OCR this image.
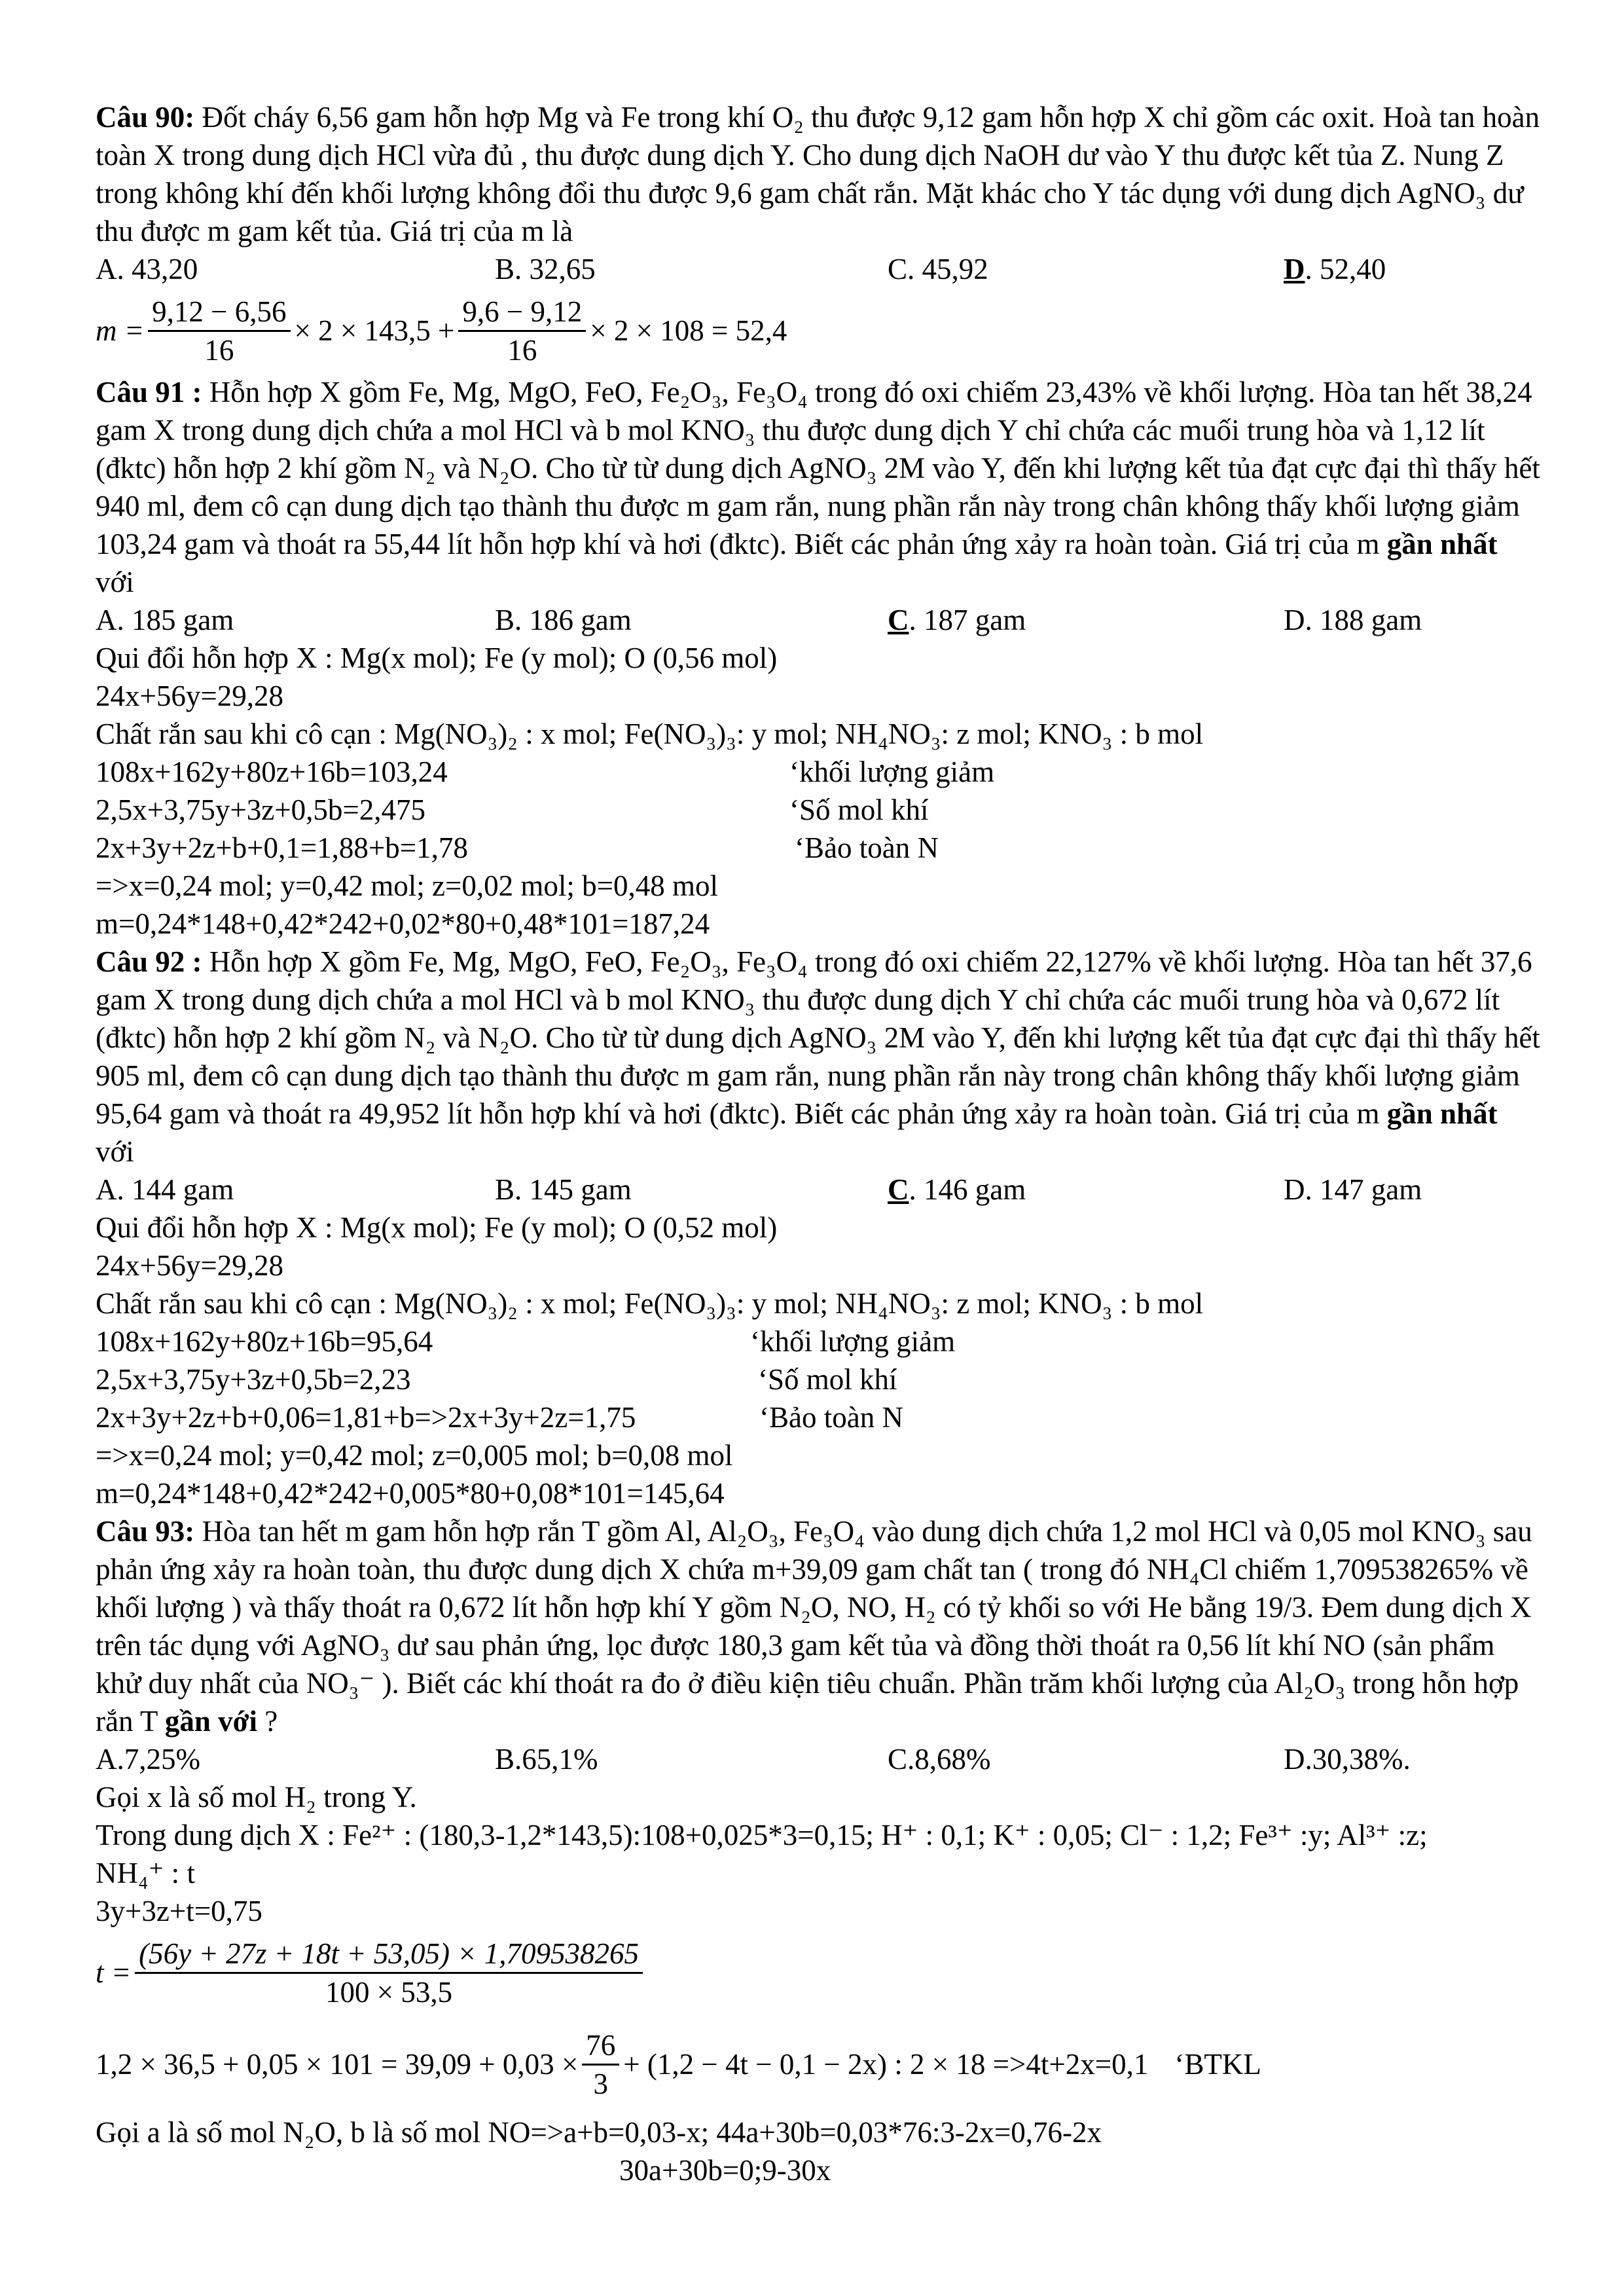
Câu 90: Đốt cháy 6,56 gam hỗn hợp Mg và Fe trong khí O₂ thu được 9,12 gam hỗn hợp X chỉ gồm các oxit. Hoà tan hoàn toàn X trong dung dịch HCl vừa đủ , thu được dung dịch Y. Cho dung dịch NaOH dư vào Y thu được kết tủa Z. Nung Z trong không khí đến khối lượng không đổi thu được 9,6 gam chất rắn. Mặt khác cho Y tác dụng với dung dịch AgNO₃ dư thu được m gam kết tủa. Giá trị của m là
A. 43,20	B. 32,65	C. 45,92	D. 52,40
$m = \frac{9,12 - 6,56}{16} \times 2 \times 143,5 + \frac{9,6 - 9,12}{16} \times 2 \times 108 = 52,4$
Câu 91 : Hỗn hợp X gồm Fe, Mg, MgO, FeO, Fe₂O₃, Fe₃O₄ trong đó oxi chiếm 23,43% về khối lượng. Hòa tan hết 38,24 gam X trong dung dịch chứa a mol HCl và b mol KNO₃ thu được dung dịch Y chỉ chứa các muối trung hòa và 1,12 lít (đktc) hỗn hợp 2 khí gồm N₂ và N₂O. Cho từ từ dung dịch AgNO₃ 2M vào Y, đến khi lượng kết tủa đạt cực đại thì thấy hết 940 ml, đem cô cạn dung dịch tạo thành thu được m gam rắn, nung phần rắn này trong chân không thấy khối lượng giảm 103,24 gam và thoát ra 55,44 lít hỗn hợp khí và hơi (đktc). Biết các phản ứng xảy ra hoàn toàn. Giá trị của m gần nhất với
A. 185 gam	B. 186 gam	C. 187 gam	D. 188 gam
Qui đổi hỗn hợp X : Mg(x mol); Fe (y mol); O (0,56 mol)
24x+56y=29,28
Chất rắn sau khi cô cạn : Mg(NO₃)₂ : x mol; Fe(NO₃)₃: y mol; NH₄NO₃: z mol; KNO₃ : b mol
108x+162y+80z+16b=103,24	‘khối lượng giảm
2,5x+3,75y+3z+0,5b=2,475	‘Số mol khí
2x+3y+2z+b+0,1=1,88+b=1,78	‘Bảo toàn N
=>x=0,24 mol; y=0,42 mol; z=0,02 mol; b=0,48 mol
m=0,24*148+0,42*242+0,02*80+0,48*101=187,24
Câu 92 : Hỗn hợp X gồm Fe, Mg, MgO, FeO, Fe₂O₃, Fe₃O₄ trong đó oxi chiếm 22,127% về khối lượng. Hòa tan hết 37,6 gam X trong dung dịch chứa a mol HCl và b mol KNO₃ thu được dung dịch Y chỉ chứa các muối trung hòa và 0,672 lít (đktc) hỗn hợp 2 khí gồm N₂ và N₂O. Cho từ từ dung dịch AgNO₃ 2M vào Y, đến khi lượng kết tủa đạt cực đại thì thấy hết 905 ml, đem cô cạn dung dịch tạo thành thu được m gam rắn, nung phần rắn này trong chân không thấy khối lượng giảm 95,64 gam và thoát ra 49,952 lít hỗn hợp khí và hơi (đktc). Biết các phản ứng xảy ra hoàn toàn. Giá trị của m gần nhất với
A. 144 gam	B. 145 gam	C. 146 gam	D. 147 gam
Qui đổi hỗn hợp X : Mg(x mol); Fe (y mol); O (0,52 mol)
24x+56y=29,28
Chất rắn sau khi cô cạn : Mg(NO₃)₂ : x mol; Fe(NO₃)₃: y mol; NH₄NO₃: z mol; KNO₃ : b mol
108x+162y+80z+16b=95,64	‘khối lượng giảm
2,5x+3,75y+3z+0,5b=2,23	‘Số mol khí
2x+3y+2z+b+0,06=1,81+b=>2x+3y+2z=1,75	‘Bảo toàn N
=>x=0,24 mol; y=0,42 mol; z=0,005 mol; b=0,08 mol
m=0,24*148+0,42*242+0,005*80+0,08*101=145,64
Câu 93: Hòa tan hết m gam hỗn hợp rắn T gồm Al, Al₂O₃, Fe₃O₄ vào dung dịch chứa 1,2 mol HCl và 0,05 mol KNO₃ sau phản ứng xảy ra hoàn toàn, thu được dung dịch X chứa m+39,09 gam chất tan ( trong đó NH₄Cl chiếm 1,709538265% về khối lượng ) và thấy thoát ra 0,672 lít hỗn hợp khí Y gồm N₂O, NO, H₂ có tỷ khối so với He bằng 19/3. Đem dung dịch X trên tác dụng với AgNO₃ dư sau phản ứng, lọc được 180,3 gam kết tủa và đồng thời thoát ra 0,56 lít khí NO (sản phẩm khử duy nhất của NO₃⁻ ). Biết các khí thoát ra đo ở điều kiện tiêu chuẩn. Phần trăm khối lượng của Al₂O₃ trong hỗn hợp rắn T gần với ?
A.7,25%	B.65,1%	C.8,68%	D.30,38%.
Gọi x là số mol H₂ trong Y.
Trong dung dịch X : Fe²⁺ : (180,3-1,2*143,5):108+0,025*3=0,15; H⁺ : 0,1; K⁺ : 0,05; Cl⁻ : 1,2; Fe³⁺ :y; Al³⁺ :z;
NH₄⁺ : t
3y+3z+t=0,75
$t = \frac{(56y + 27z + 18t + 53,05) \times 1,709538265}{100 \times 53,5}$
$1,2 \times 36,5 + 0,05 \times 101 = 39,09 + 0,03 \times \frac{76}{3} + (1,2 - 4t - 0,1 - 2x)$ : 2 × 18 =>4t+2x=0,1 ‘BTKL
Gọi a là số mol N₂O, b là số mol NO=>a+b=0,03-x; 44a+30b=0,03*76:3-2x=0,76-2x
30a+30b=0;9-30x
